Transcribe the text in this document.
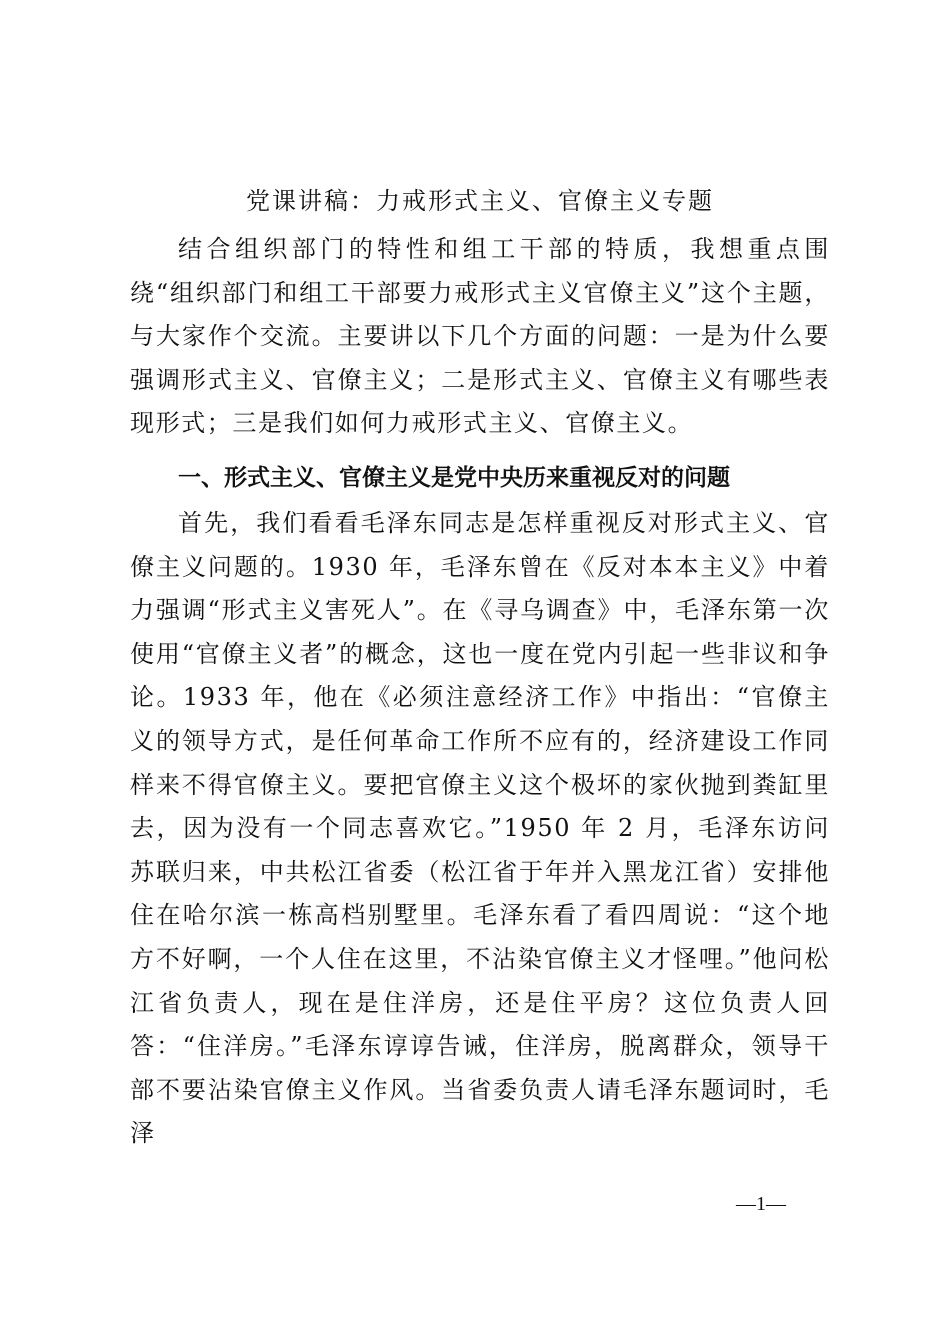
党课讲稿：力戒形式主义、官僚主义专题

结合组织部门的特性和组工干部的特质，我想重点围绕“组织部门和组工干部要力戒形式主义官僚主义”这个主题，与大家作个交流。主要讲以下几个方面的问题：一是为什么要强调形式主义、官僚主义；二是形式主义、官僚主义有哪些表现形式；三是我们如何力戒形式主义、官僚主义。

一、形式主义、官僚主义是党中央历来重视反对的问题

首先，我们看看毛泽东同志是怎样重视反对形式主义、官僚主义问题的。1930 年，毛泽东曾在《反对本本主义》中着力强调“形式主义害死人”。在《寻乌调查》中，毛泽东第一次使用“官僚主义者”的概念，这也一度在党内引起一些非议和争论。1933 年，他在《必须注意经济工作》中指出：“官僚主义的领导方式，是任何革命工作所不应有的，经济建设工作同样来不得官僚主义。要把官僚主义这个极坏的家伙抛到粪缸里去，因为没有一个同志喜欢它。”1950 年 2 月，毛泽东访问苏联归来，中共松江省委（松江省于年并入黑龙江省）安排他住在哈尔滨一栋高档别墅里。毛泽东看了看四周说：“这个地方不好啊，一个人住在这里，不沾染官僚主义才怪哩。”他问松江省负责人，现在是住洋房，还是住平房？这位负责人回答：“住洋房。”毛泽东谆谆告诫，住洋房，脱离群众，领导干部不要沾染官僚主义作风。当省委负责人请毛泽东题词时，毛泽

—1—
